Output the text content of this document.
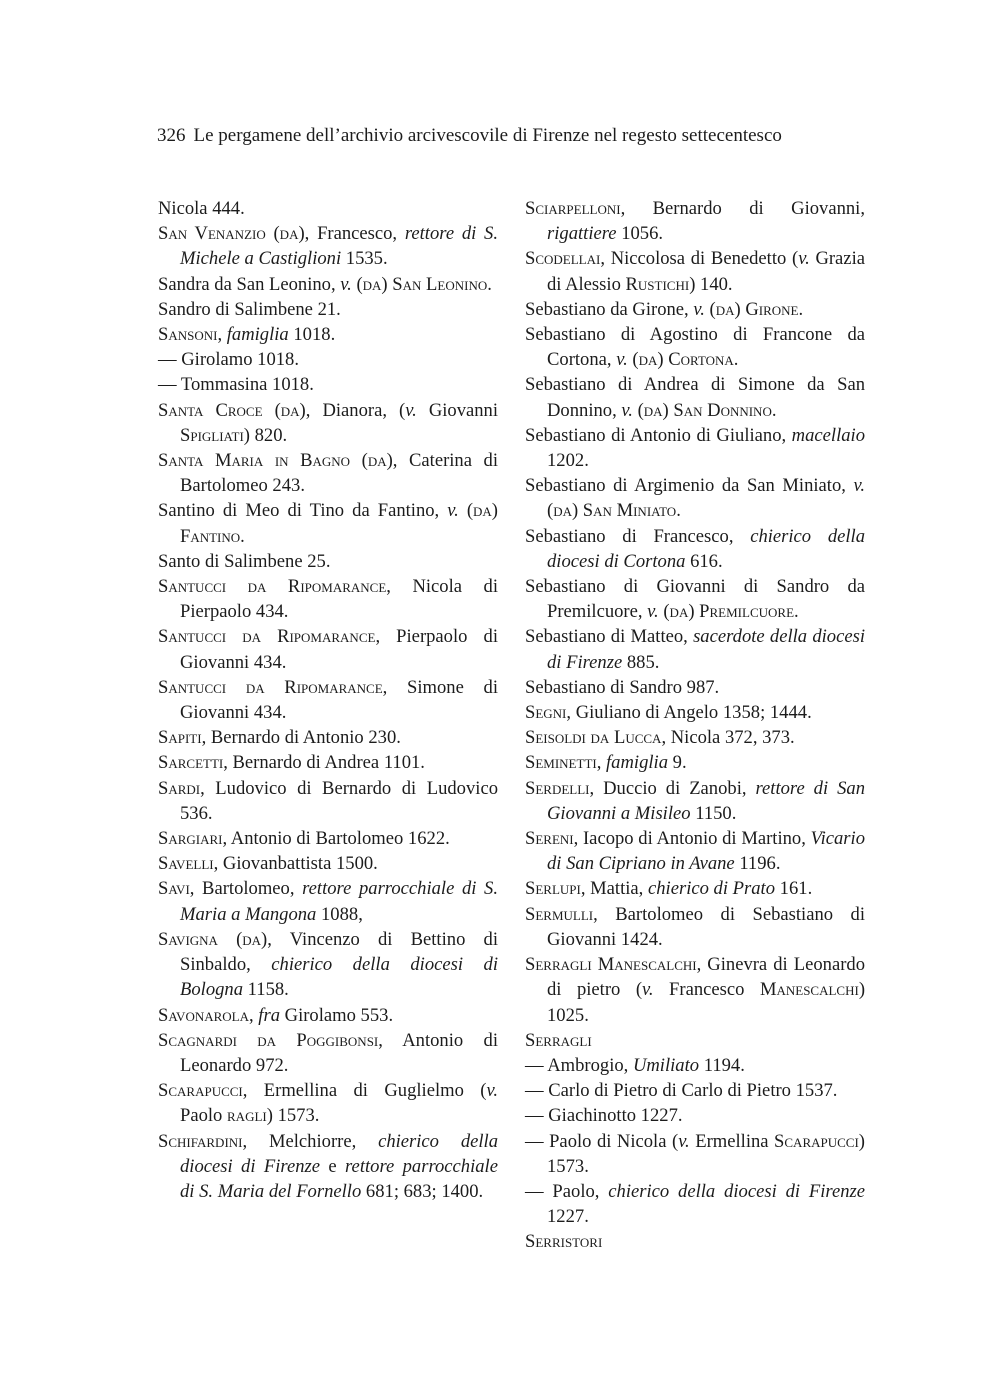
326 Le pergamene dell’archivio arcivescovile di Firenze nel regesto settecentesco
Nicola 444.
San Venanzio (da), Francesco, rettore di S. Michele a Castiglioni 1535.
Sandra da San Leonino, v. (da) San Leonino.
Sandro di Salimbene 21.
Sansoni, famiglia 1018.
— Girolamo 1018.
— Tommasina 1018.
Santa Croce (da), Dianora, (v. Giovanni Spigliati) 820.
Santa Maria in Bagno (da), Caterina di Bartolomeo 243.
Santino di Meo di Tino da Fantino, v. (da) Fantino.
Santo di Salimbene 25.
Santucci da Ripomarance, Nicola di Pierpaolo 434.
Santucci da Ripomarance, Pierpaolo di Giovanni 434.
Santucci da Ripomarance, Simone di Giovanni 434.
Sapiti, Bernardo di Antonio 230.
Sarcetti, Bernardo di Andrea 1101.
Sardi, Ludovico di Bernardo di Ludovico 536.
Sargiari, Antonio di Bartolomeo 1622.
Savelli, Giovanbattista 1500.
Savi, Bartolomeo, rettore parrocchiale di S. Maria a Mangona 1088,
Savigna (da), Vincenzo di Bettino di Sinbaldo, chierico della diocesi di Bologna 1158.
Savonarola, fra Girolamo 553.
Scagnardi da Poggibonsi, Antonio di Leonardo 972.
Scarapucci, Ermellina di Guglielmo (v. Paolo ragli) 1573.
Schifardini, Melchiorre, chierico della diocesi di Firenze e rettore parrocchiale di S. Maria del Fornello 681; 683; 1400.
Sciarpelloni, Bernardo di Giovanni, rigattiere 1056.
Scodellai, Niccolosa di Benedetto (v. Grazia di Alessio Rustichi) 140.
Sebastiano da Girone, v. (da) Girone.
Sebastiano di Agostino di Francone da Cortona, v. (da) Cortona.
Sebastiano di Andrea di Simone da San Donnino, v. (da) San Donnino.
Sebastiano di Antonio di Giuliano, macellaio 1202.
Sebastiano di Argimenio da San Miniato, v. (da) San Miniato.
Sebastiano di Francesco, chierico della diocesi di Cortona 616.
Sebastiano di Giovanni di Sandro da Premilcuore, v. (da) Premilcuore.
Sebastiano di Matteo, sacerdote della diocesi di Firenze 885.
Sebastiano di Sandro 987.
Segni, Giuliano di Angelo 1358; 1444.
Seisoldi da Lucca, Nicola 372, 373.
Seminetti, famiglia 9.
Serdelli, Duccio di Zanobi, rettore di San Giovanni a Misileo 1150.
Sereni, Iacopo di Antonio di Martino, Vicario di San Cipriano in Avane 1196.
Serlupi, Mattia, chierico di Prato 161.
Sermulli, Bartolomeo di Sebastiano di Giovanni 1424.
Serragli Manescalchi, Ginevra di Leonardo di pietro (v. Francesco Manescalchi) 1025.
Serragli
— Ambrogio, Umiliato 1194.
— Carlo di Pietro di Carlo di Pietro 1537.
— Giachinotto 1227.
— Paolo di Nicola (v. Ermellina Scarapucci) 1573.
— Paolo, chierico della diocesi di Firenze 1227.
Serristori
